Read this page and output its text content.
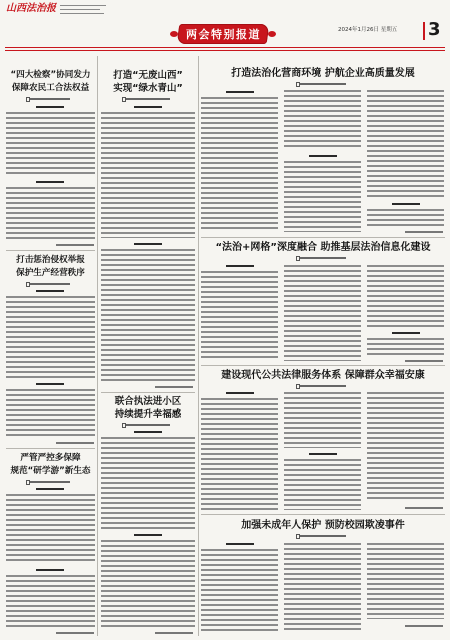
山西法治报
两会特别报道	2024年1月26日 星期五 3
“四大检察”协同发力
保障农民工合法权益
打击惩治侵权举报
保护生产经营秩序
严管严控多保障
规范“研学游”新生态
打造“无废山西”
实现“绿水青山”
联合执法进小区
持续提升幸福感
打造法治化营商环境 护航企业高质量发展
“法治+网格”深度融合 助推基层法治信息化建设
建设现代公共法律服务体系 保障群众幸福安康
加强未成年人保护 预防校园欺凌事件
